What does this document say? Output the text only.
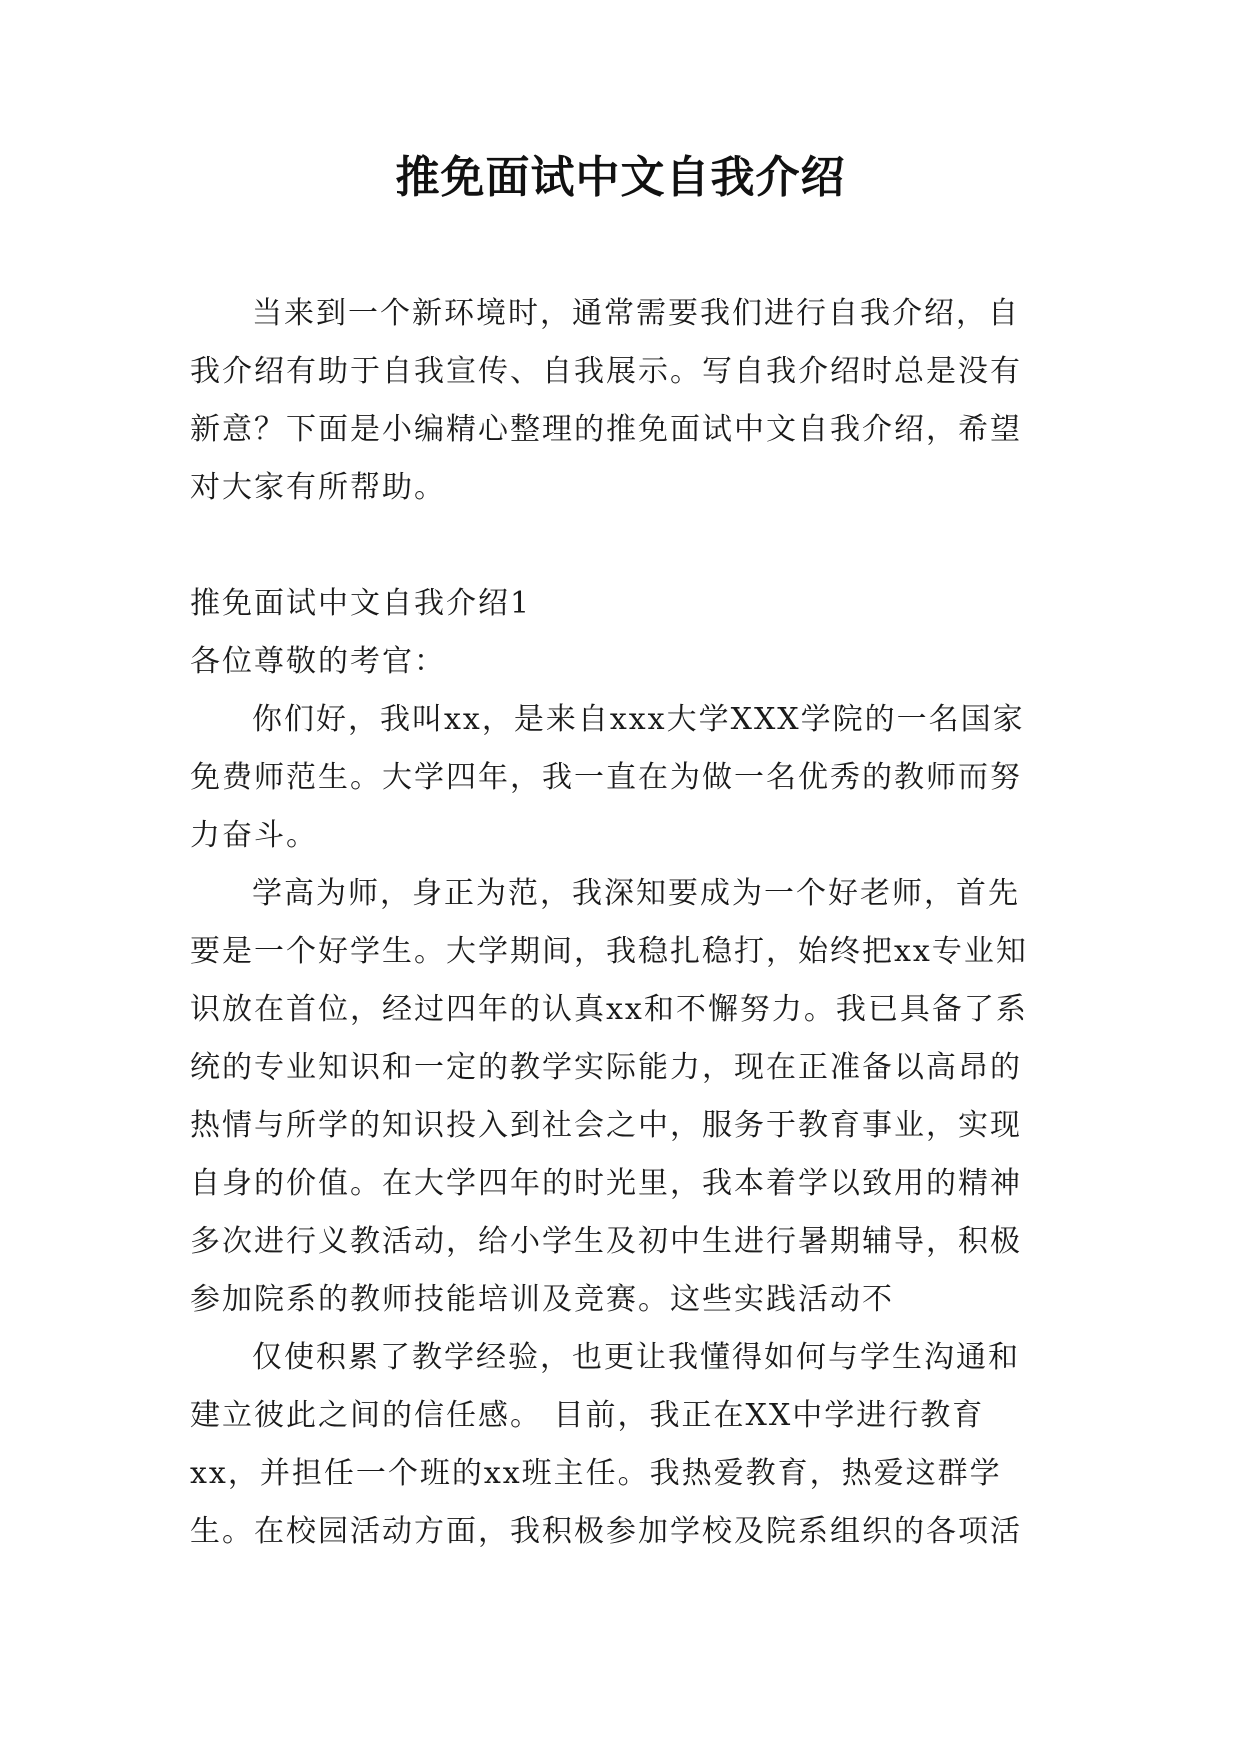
推免面试中文自我介绍

当来到一个新环境时，通常需要我们进行自我介绍，自我介绍有助于自我宣传、自我展示。写自我介绍时总是没有新意？下面是小编精心整理的推免面试中文自我介绍，希望对大家有所帮助。

推免面试中文自我介绍1

各位尊敬的考官：

你们好，我叫xx，是来自xxx大学XXX学院的一名国家免费师范生。大学四年，我一直在为做一名优秀的教师而努力奋斗。

学高为师，身正为范，我深知要成为一个好老师，首先要是一个好学生。大学期间，我稳扎稳打，始终把xx专业知识放在首位，经过四年的认真xx和不懈努力。我已具备了系统的专业知识和一定的教学实际能力，现在正准备以高昂的热情与所学的知识投入到社会之中，服务于教育事业，实现自身的价值。在大学四年的时光里，我本着学以致用的精神多次进行义教活动，给小学生及初中生进行暑期辅导，积极参加院系的教师技能培训及竞赛。这些实践活动不

仅使积累了教学经验，也更让我懂得如何与学生沟通和建立彼此之间的信任感。 目前，我正在XX中学进行教育xx，并担任一个班的xx班主任。我热爱教育，热爱这群学生。在校园活动方面，我积极参加学校及院系组织的各项活
